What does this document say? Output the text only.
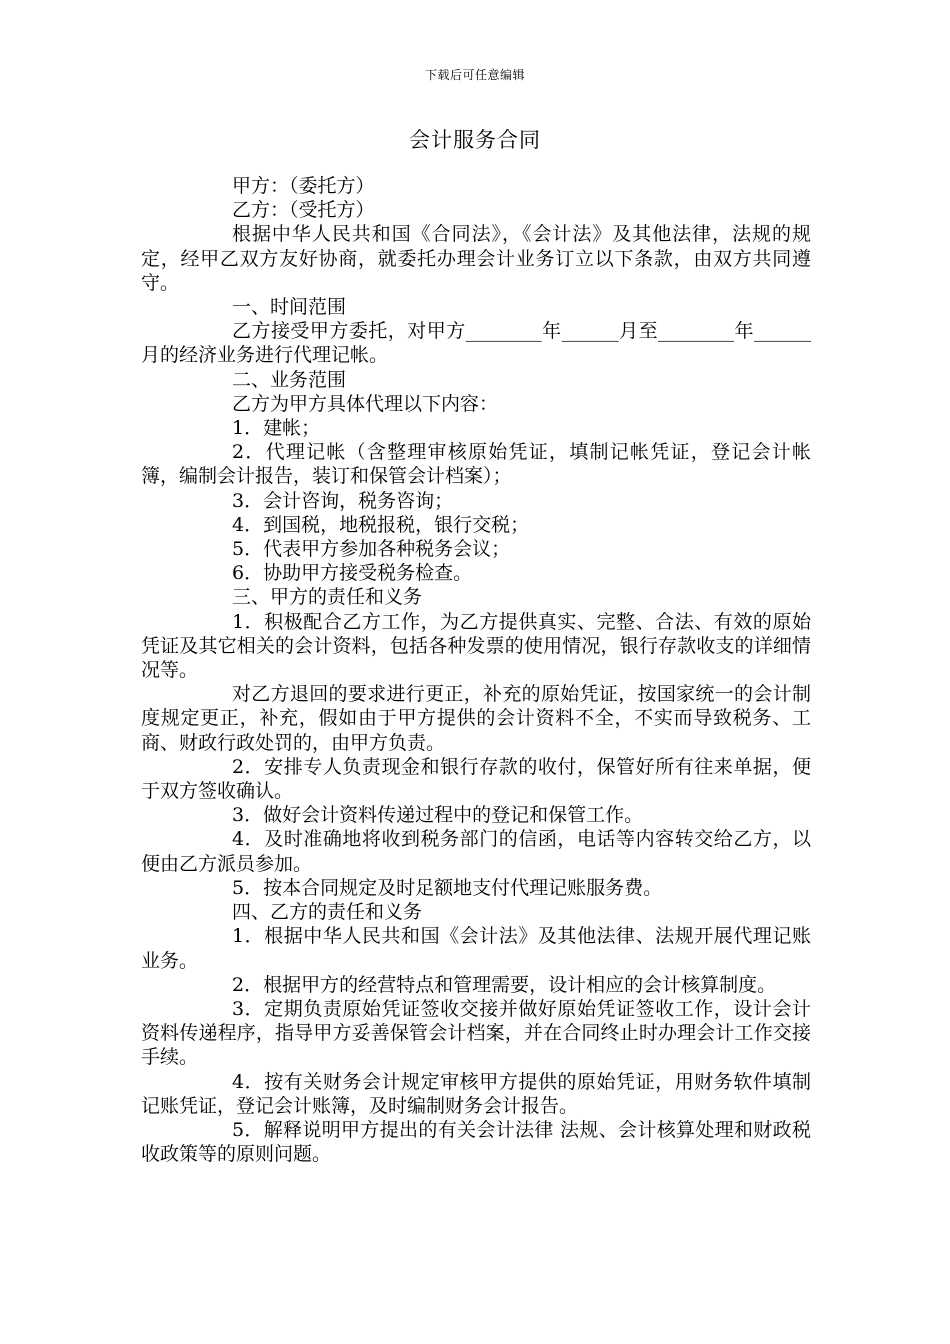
下载后可任意编辑
会计服务合同

甲方：（委托方）

乙方：（受托方）

根据中华人民共和国《合同法》，《会计法》及其他法律，法规的规定，经甲乙双方友好协商，就委托办理会计业务订立以下条款，由双方共同遵守。

一、时间范围

乙方接受甲方委托，对甲方________年______月至________年______月的经济业务进行代理记帐。

二、业务范围

乙方为甲方具体代理以下内容：

1．建帐；

2．代理记帐（含整理审核原始凭证，填制记帐凭证，登记会计帐簿，编制会计报告，装订和保管会计档案）；

3．会计咨询，税务咨询；

4．到国税，地税报税，银行交税；

5．代表甲方参加各种税务会议；

6．协助甲方接受税务检查。

三、甲方的责任和义务

1．积极配合乙方工作，为乙方提供真实、完整、合法、有效的原始凭证及其它相关的会计资料，包括各种发票的使用情况，银行存款收支的详细情况等。

对乙方退回的要求进行更正，补充的原始凭证，按国家统一的会计制度规定更正，补充，假如由于甲方提供的会计资料不全，不实而导致税务、工商、财政行政处罚的，由甲方负责。

2．安排专人负责现金和银行存款的收付，保管好所有往来单据，便于双方签收确认。

3．做好会计资料传递过程中的登记和保管工作。

4．及时准确地将收到税务部门的信函，电话等内容转交给乙方，以便由乙方派员参加。

5．按本合同规定及时足额地支付代理记账服务费。

四、乙方的责任和义务

1．根据中华人民共和国《会计法》及其他法律、法规开展代理记账业务。

2．根据甲方的经营特点和管理需要，设计相应的会计核算制度。

3．定期负责原始凭证签收交接并做好原始凭证签收工作，设计会计资料传递程序，指导甲方妥善保管会计档案，并在合同终止时办理会计工作交接手续。

4．按有关财务会计规定审核甲方提供的原始凭证，用财务软件填制记账凭证，登记会计账簿，及时编制财务会计报告。

5．解释说明甲方提出的有关会计法律 法规、会计核算处理和财政税收政策等的原则问题。
